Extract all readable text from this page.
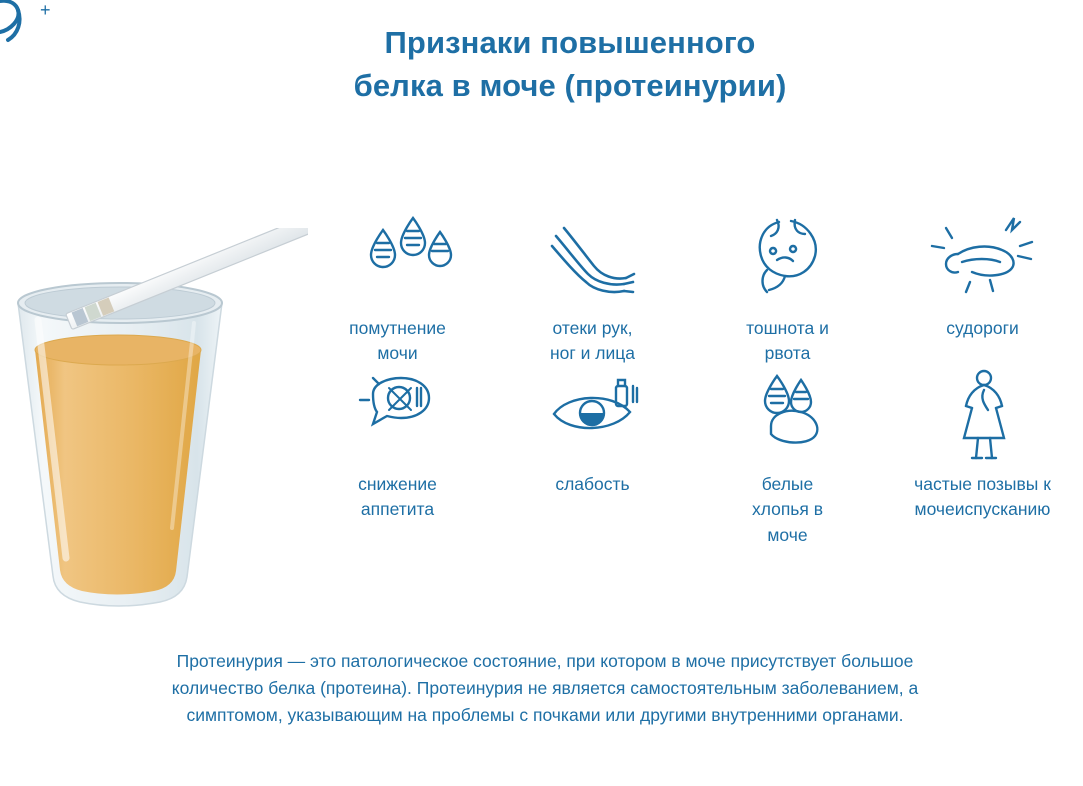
+
Признаки повышенного
белка в моче (протеинурии)
помутнение
мочи
отеки рук,
ног и лица
тошнота и
рвота
судороги
снижение
аппетита
слабость	белые
хлопья в
моче
частые позывы к
мочеиспусканию

Протеинурия — это патологическое состояние, при котором в моче присутствует большое

количество белка (протеина). Протеинурия не является самостоятельным заболеванием, а

симптомом, указывающим на проблемы с почками или другими внутренними органами.
